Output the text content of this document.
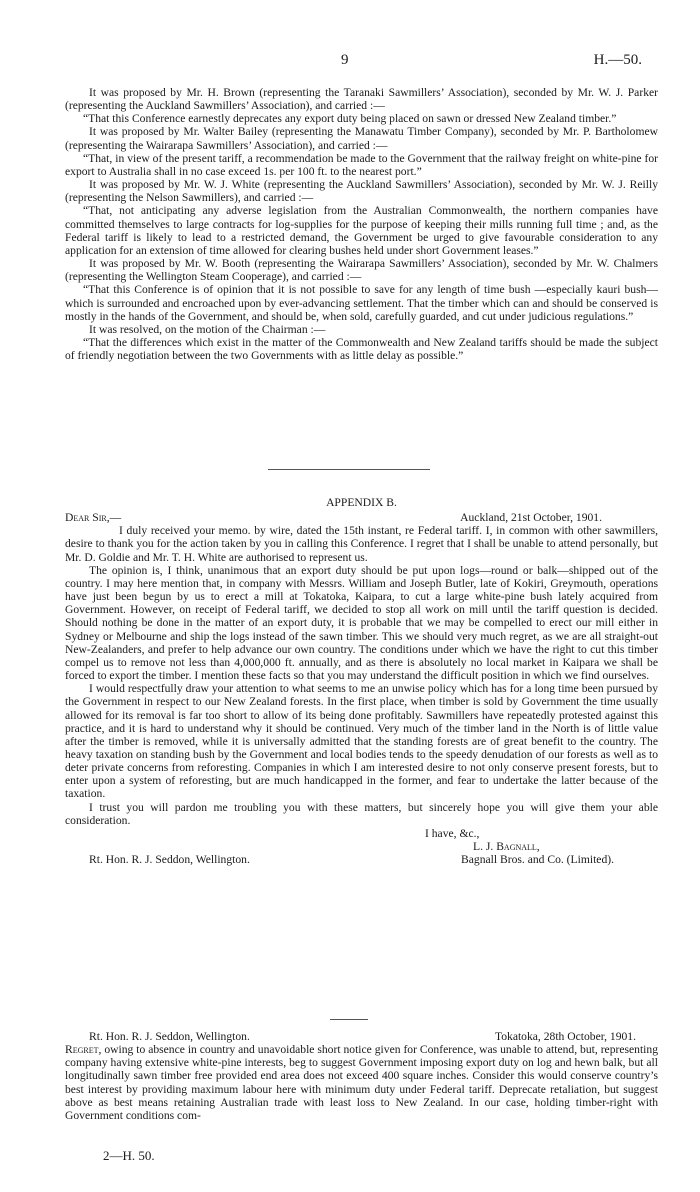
9	H.—50.

It was proposed by Mr. H. Brown (representing the Taranaki Sawmillers’ Association), seconded by Mr. W. J. Parker (representing the Auckland Sawmillers’ Association), and carried :—

“That this Conference earnestly deprecates any export duty being placed on sawn or dressed New Zealand timber.”

It was proposed by Mr. Walter Bailey (representing the Manawatu Timber Company), seconded by Mr. P. Bartholomew (representing the Wairarapa Sawmillers’ Association), and carried :—

“That, in view of the present tariff, a recommendation be made to the Government that the railway freight on white-pine for export to Australia shall in no case exceed 1s. per 100 ft. to the nearest port.”

It was proposed by Mr. W. J. White (representing the Auckland Sawmillers’ Association), seconded by Mr. W. J. Reilly (representing the Nelson Sawmillers), and carried :—

“That, not anticipating any adverse legislation from the Australian Commonwealth, the northern companies have committed themselves to large contracts for log-supplies for the purpose of keeping their mills running full time ; and, as the Federal tariff is likely to lead to a restricted demand, the Government be urged to give favourable consideration to any application for an extension of time allowed for clearing bushes held under short Government leases.”

It was proposed by Mr. W. Booth (representing the Wairarapa Sawmillers’ Association), seconded by Mr. W. Chalmers (representing the Wellington Steam Cooperage), and carried :—

“That this Conference is of opinion that it is not possible to save for any length of time bush —especially kauri bush—which is surrounded and encroached upon by ever-advancing settlement. That the timber which can and should be conserved is mostly in the hands of the Government, and should be, when sold, carefully guarded, and cut under judicious regulations.”

It was resolved, on the motion of the Chairman :—

“That the differences which exist in the matter of the Commonwealth and New Zealand tariffs should be made the subject of friendly negotiation between the two Governments with as little delay as possible.”

APPENDIX B.
Dear Sir,—	Auckland, 21st October, 1901.

I duly received your memo. by wire, dated the 15th instant, re Federal tariff. I, in common with other sawmillers, desire to thank you for the action taken by you in calling this Conference. I regret that I shall be unable to attend personally, but Mr. D. Goldie and Mr. T. H. White are authorised to represent us.

The opinion is, I think, unanimous that an export duty should be put upon logs—round or balk—shipped out of the country. I may here mention that, in company with Messrs. William and Joseph Butler, late of Kokiri, Greymouth, operations have just been begun by us to erect a mill at Tokatoka, Kaipara, to cut a large white-pine bush lately acquired from Government. However, on receipt of Federal tariff, we decided to stop all work on mill until the tariff question is decided. Should nothing be done in the matter of an export duty, it is probable that we may be compelled to erect our mill either in Sydney or Melbourne and ship the logs instead of the sawn timber. This we should very much regret, as we are all straight-out New-Zealanders, and prefer to help advance our own country. The conditions under which we have the right to cut this timber compel us to remove not less than 4,000,000 ft. annually, and as there is absolutely no local market in Kaipara we shall be forced to export the timber. I mention these facts so that you may understand the difficult position in which we find ourselves.

I would respectfully draw your attention to what seems to me an unwise policy which has for a long time been pursued by the Government in respect to our New Zealand forests. In the first place, when timber is sold by Government the time usually allowed for its removal is far too short to allow of its being done profitably. Sawmillers have repeatedly protested against this practice, and it is hard to understand why it should be continued. Very much of the timber land in the North is of little value after the timber is removed, while it is universally admitted that the standing forests are of great benefit to the country. The heavy taxation on standing bush by the Government and local bodies tends to the speedy denudation of our forests as well as to deter private concerns from reforesting. Companies in which I am interested desire to not only conserve present forests, but to enter upon a system of reforesting, but are much handicapped in the former, and fear to undertake the latter because of the taxation.

I trust you will pardon me troubling you with these matters, but sincerely hope you will give them your able consideration.

I have, &c.,
L. J. Bagnall,
Rt. Hon. R. J. Seddon, Wellington.	Bagnall Bros. and Co. (Limited).
Rt. Hon. R. J. Seddon, Wellington.	Tokatoka, 28th October, 1901.

Regret, owing to absence in country and unavoidable short notice given for Conference, was unable to attend, but, representing company having extensive white-pine interests, beg to suggest Government imposing export duty on log and hewn balk, but all longitudinally sawn timber free provided end area does not exceed 400 square inches. Consider this would conserve country’s best interest by providing maximum labour here with minimum duty under Federal tariff. Deprecate retaliation, but suggest above as best means retaining Australian trade with least loss to New Zealand. In our case, holding timber-right with Government conditions com-

2—H. 50.
